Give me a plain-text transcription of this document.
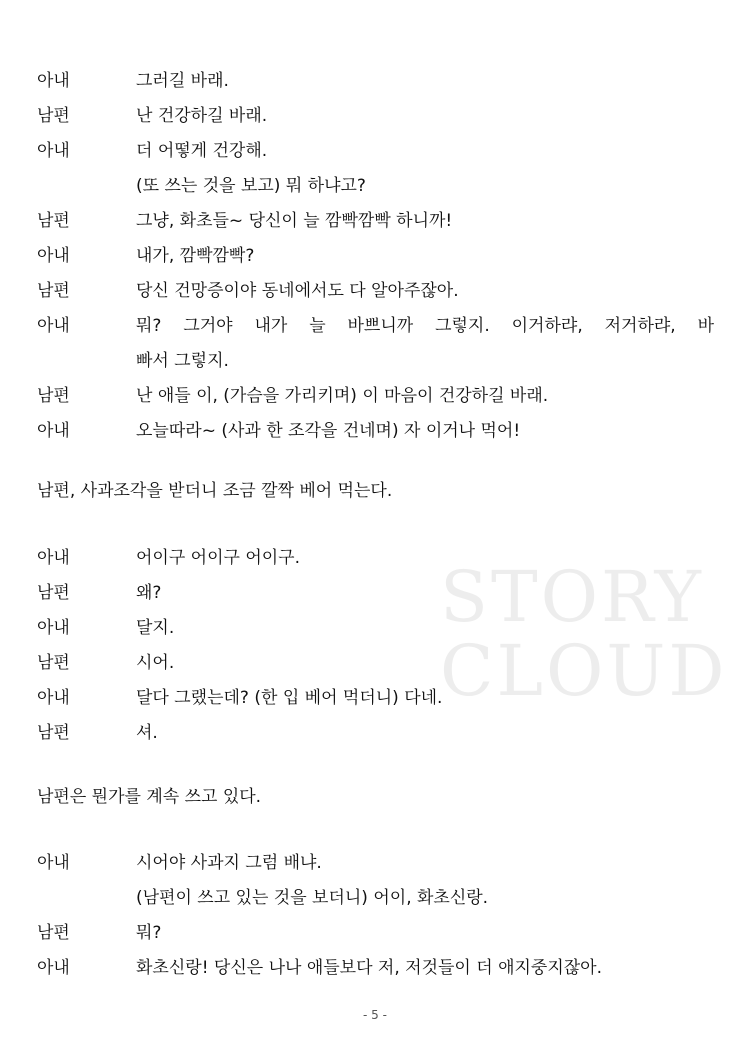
STORY
CLOUD
아내	그러길 바래.
남편	난 건강하길 바래.
아내	더 어떻게 건강해.
(또 쓰는 것을 보고) 뭐 하냐고?
남편	그냥, 화초들~ 당신이 늘 깜빡깜빡 하니까!
아내	내가, 깜빡깜빡?
남편	당신 건망증이야 동네에서도 다 알아주잖아.
아내	뭐? 그거야 내가 늘 바쁘니까 그렇지. 이거하랴, 저거하랴, 바
빠서 그렇지.
남편	난 애들 이, (가슴을 가리키며) 이 마음이 건강하길 바래.
아내	오늘따라~ (사과 한 조각을 건네며) 자 이거나 먹어!
남편, 사과조각을 받더니 조금 깔짝 베어 먹는다.
아내	어이구 어이구 어이구.
남편	왜?
아내	달지.
남편	시어.
아내	달다 그랬는데? (한 입 베어 먹더니) 다네.
남편	셔.
남편은 뭔가를 계속 쓰고 있다.
아내	시어야 사과지 그럼 배냐.
(남편이 쓰고 있는 것을 보더니) 어이, 화초신랑.
남편	뭐?
아내	화초신랑! 당신은 나나 애들보다 저, 저것들이 더 애지중지잖아.
- 5 -
